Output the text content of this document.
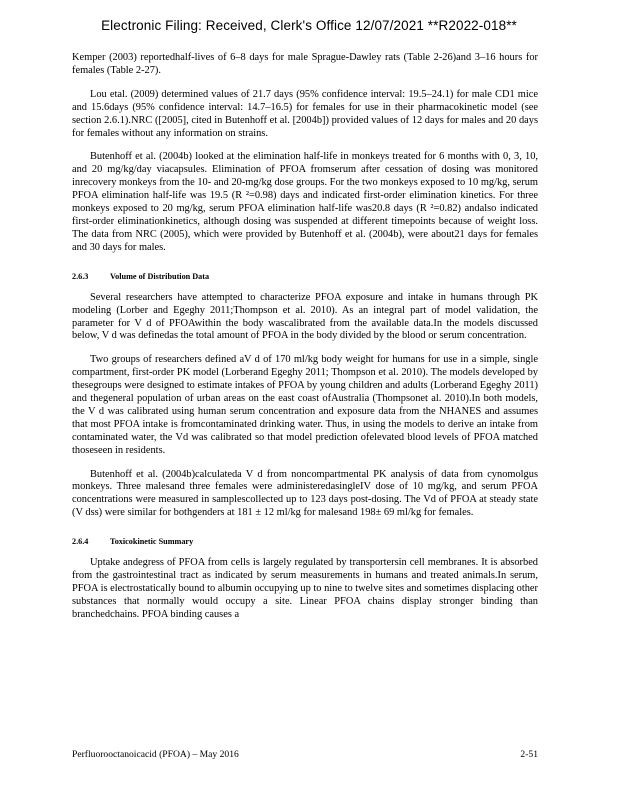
Electronic Filing: Received, Clerk's Office 12/07/2021 **R2022-018**

Kemper (2003) reportedhalf-lives of 6–8 days for male Sprague-Dawley rats (Table 2-26)and 3–16 hours for females (Table 2-27).

Lou etal. (2009) determined values of 21.7 days (95% confidence interval: 19.5–24.1) for male CD1 mice and 15.6days (95% confidence interval: 14.7–16.5) for females for use in their pharmacokinetic model (see section 2.6.1).NRC ([2005], cited in Butenhoff et al. [2004b]) provided values of 12 days for males and 20 days for females without any information on strains.

Butenhoff et al. (2004b) looked at the elimination half-life in monkeys treated for 6 months with 0, 3, 10, and 20 mg/kg/day viacapsules. Elimination of PFOA fromserum after cessation of dosing was monitored inrecovery monkeys from the 10- and 20-mg/kg dose groups. For the two monkeys exposed to 10 mg/kg, serum PFOA elimination half-life was 19.5 (R ²=0.98) days and indicated first-order elimination kinetics. For three monkeys exposed to 20 mg/kg, serum PFOA elimination half-life was20.8 days (R ²=0.82) andalso indicated first-order eliminationkinetics, although dosing was suspended at different timepoints because of weight loss. The data from NRC (2005), which were provided by Butenhoff et al. (2004b), were about21 days for females and 30 days for males.

2.6.3	Volume of Distribution Data

Several researchers have attempted to characterize PFOA exposure and intake in humans through PK modeling (Lorber and Egeghy 2011;Thompson et al. 2010). As an integral part of model validation, the parameter for V d of PFOAwithin the body wascalibrated from the available data.In the models discussed below, V d was definedas the total amount of PFOA in the body divided by the blood or serum concentration.

Two groups of researchers defined aV d of 170 ml/kg body weight for humans for use in a simple, single compartment, first-order PK model (Lorberand Egeghy 2011; Thompson et al. 2010). The models developed by thesegroups were designed to estimate intakes of PFOA by young children and adults (Lorberand Egeghy 2011) and thegeneral population of urban areas on the east coast ofAustralia (Thompsonet al. 2010).In both models, the V d was calibrated using human serum concentration and exposure data from the NHANES and assumes that most PFOA intake is fromcontaminated drinking water. Thus, in using the models to derive an intake from contaminated water, the Vd was calibrated so that model prediction ofelevated blood levels of PFOA matched thoseseen in residents.

Butenhoff et al. (2004b)calculateda V d from noncompartmental PK analysis of data from cynomolgus monkeys. Three malesand three females were administeredasingleIV dose of 10 mg/kg, and serum PFOA concentrations were measured in samplescollected up to 123 days post-dosing. The Vd of PFOA at steady state (V dss) were similar for bothgenders at 181 ± 12 ml/kg for malesand 198± 69 ml/kg for females.

2.6.4	Toxicokinetic Summary

Uptake andegress of PFOA from cells is largely regulated by transportersin cell membranes. It is absorbed from the gastrointestinal tract as indicated by serum measurements in humans and treated animals.In serum, PFOA is electrostatically bound to albumin occupying up to nine to twelve sites and sometimes displacing other substances that normally would occupy a site. Linear PFOA chains display stronger binding than branchedchains. PFOA binding causes a

Perfluorooctanoicacid (PFOA) – May 2016	2-51
